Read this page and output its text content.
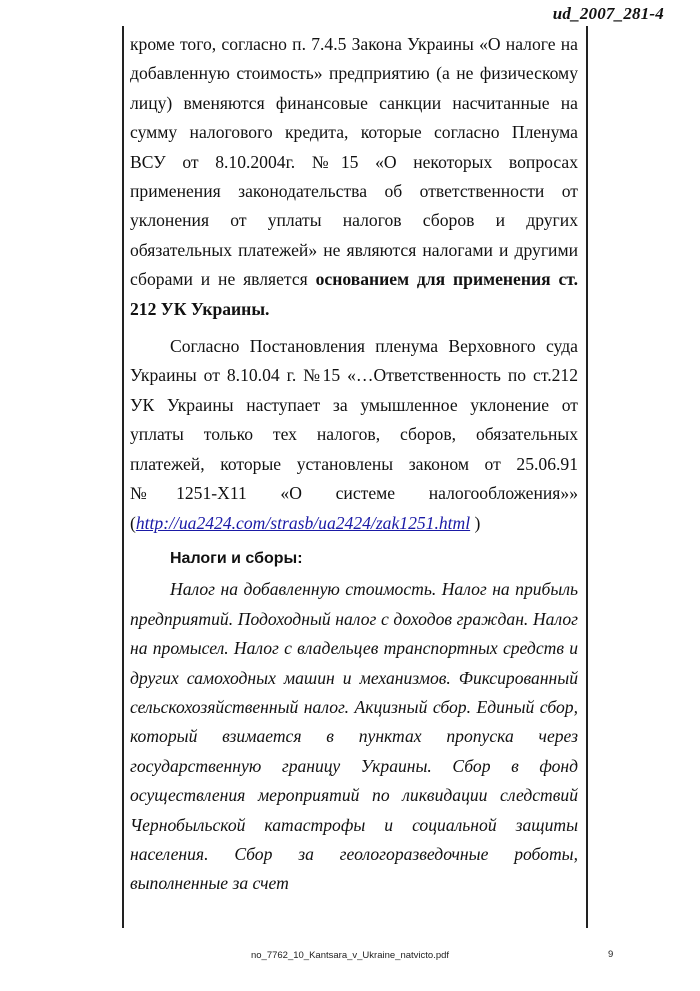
ud_2007_281-4

кроме того, согласно п. 7.4.5 Закона Украины «О налоге на добавленную стоимость» предприятию (а не физическому лицу) вменяются финансовые санкции насчитанные на сумму налогового кредита, которые согласно Пленума ВСУ от 8.10.2004г. №15 «О некоторых вопросах применения законодательства об ответственности от уклонения от уплаты налогов сборов и других обязательных платежей» не являются налогами и другими сборами и не является основанием для применения ст. 212 УК Украины.

Согласно Постановления пленума Верховного суда Украины от 8.10.04 г. №15 «…Ответственность по ст.212 УК Украины наступает за умышленное уклонение от уплаты только тех налогов, сборов, обязательных платежей, которые установлены законом от 25.06.91 №1251-Х11 «О системе налогообложения»» (http://ua2424.com/strasb/ua2424/zak1251.html )

Налоги и сборы:

Налог на добавленную стоимость. Налог на прибыль предприятий. Подоходный налог с доходов граждан. Налог на промысел. Налог с владельцев транспортных средств и других самоходных машин и механизмов. Фиксированный сельскохозяйственный налог. Акцизный сбор. Единый сбор, который взимается в пунктах пропуска через государственную границу Украины. Сбор в фонд осуществления мероприятий по ликвидации следствий Чернобыльской катастрофы и социальной защиты населения. Сбор за геологоразведочные роботы, выполненные за счет

no_7762_10_Kantsara_v_Ukraine_natvicto.pdf	9
